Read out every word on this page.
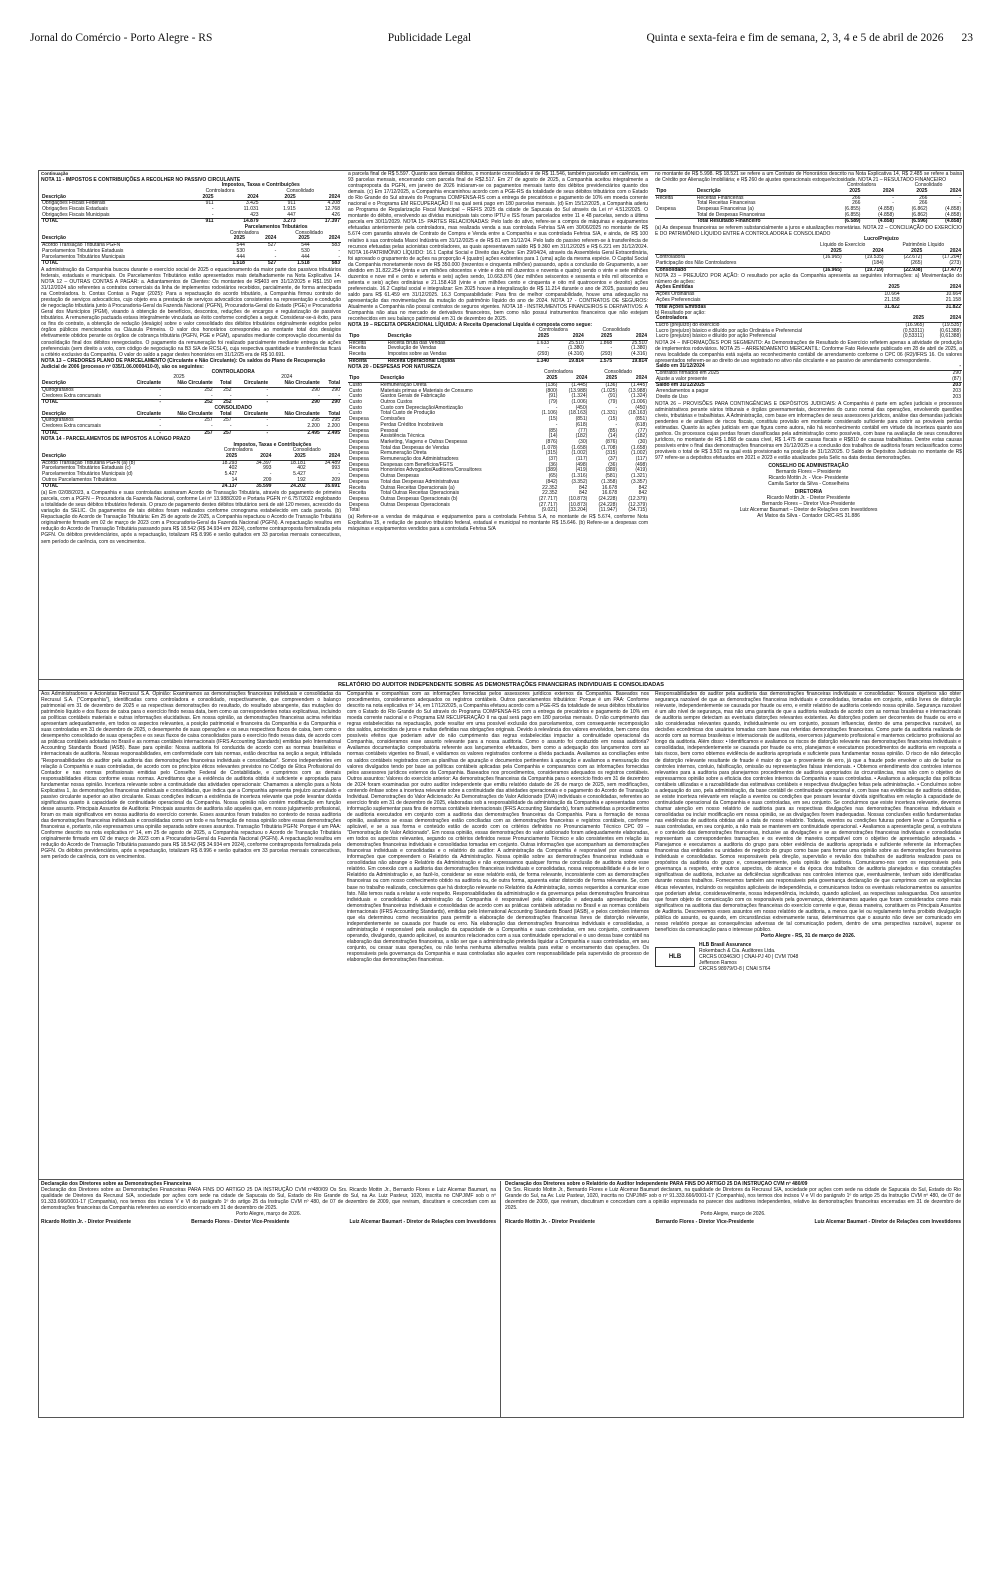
Jornal do Comércio - Porto Alegre - RS	Publicidade Legal	Quinta e sexta-feira e fim de semana, 2, 3, 4 e 5 de abril de 2026 23
Continuação
NOTA 11 - IMPOSTOS E CONTRIBUIÇÕES A RECOLHER NO PASSIVO CIRCULANTE
	Impostos, Taxas e Contribuições			
	Controladora		Consolidado	
Descrição	2025	2024	2025	2024
Obrigações Fiscais Federais	911	3.425	911	4.208
Obrigações Fiscais Estaduais	-	11.031	1.915	12.768
Obrigações Fiscais Municipais	-	423	447	426
TOTAL	911	14.879	3.273	17.397
	Parcelamentos Tributários			
	Controladora		Consolidado	
Descrição	2025	2024	2025	2024
Acordo Transação Tributária PGFN	544	527	544	583
Parcelamentos Tributários Estaduais	530	-	530	-
Parcelamentos Tributários Municipais	444	-	444	-
TOTAL	1.518	527	1.518	583

A administração da Companhia buscou durante o exercício social de 2025 o equacionamento da maior parte dos passivos tributários federais, estaduais e municipais. Os Parcelamentos Tributários estão apresentados mais detalhadamente na Nota Explicativa 14. NOTA 12 – OUTRAS CONTAS A PAGAR: a. Adiantamentos de Clientes: Os montantes de R$403 em 31/12/2025 e R$1.150 em 31/12/2024 são referentes a contratos comerciais da linha de implementos rodoviários recebidos, parcialmente, de forma antecipada na Controladora. b. Contas Contas a Pagar (2025): Para a repactuação do acordo tributário, a Companhia firmou contrato de prestação de serviços advocatícios, cujo objeto era a prestação de serviços advocatícios consistentes na representação e condução de negociação tributária junto à Procuradoria-Geral da Fazenda Nacional (PGFN), Procuradoria-Geral do Estado (PGE) e Procuradoria Geral dos Municípios (PGM), visando à obtenção de benefícios, descontos, reduções de encargos e regularização de passivos tributários. A remuneração pactuada estava integralmente vinculada ao êxito conforme condições a seguir. Considerar-se-á êxito, para os fins do contrato, a obtenção de redução (deságio) sobre o valor consolidado dos débitos tributários originalmente exigidos pelos órgãos públicos mencionados na Cláusula Primeira. O valor dos honorários correspondeu ao montante total dos deságios efetivamente obtidos perante os órgãos de cobrança tributária (PGFN, PGE e PGM), apurados mediante comprovação documental da consolidação final dos débitos renegociados. O pagamento da remuneração foi realizado parcialmente mediante entrega de ações preferenciais (sem direito a voto, com código de negociação na B3 S/A de RCSL4), cuja respectiva quantidade e transferências ficará a critério exclusivo da Companhia. O valor do saldo a pagar destes honorários em 31/12/25 era de R$ 10.691.

NOTA 13 – CREDORES PLANO DE PARCELAMENTO (Circulante e Não Circulante): Os saldos do Plano de Recuperação Judicial de 2006 (processo nº 035/1.06.0000410-0), são os seguintes:
	CONTROLADORA					
	2025			2024		
Descrição	Circulante	Não Circulante	Total	Circulante	Não Circulante	Total
Quirografários	-	252	252	-	290	290
Credores Extra concursais	-	-	-	-	-	-
TOTAL	-	252	252	-	290	290
	CONSOLIDADO					
Descrição	Circulante	Não Circulante	Total	Circulante	Não Circulante	Total
Quirografários	-	257	257	-	295	295
Credores Extra concursais	-	-	-	-	2.200	2.200
TOTAL	-	257	257	-	2.495	2.495
NOTA 14 - PARCELAMENTOS DE IMPOSTOS A LONGO PRAZO
	Impostos, Taxas e Contribuições			
	Controladora		Consolidado	
Descrição	2025	2024	2025	2024
Acordo Transação Tributária PGFN (a) (b)	18.293	34.397	18.181	34.489
Parcelamentos Tributários Estaduais (c)	402	993	402	993
Parcelamentos Tributários Municipais (d)	5.427	-	5.427	-
Outros Parcelamentos Tributários	14	209	192	209
TOTAL	24.137	35.599	24.202	35.691

(a) Em 02/08/2023, a Companhia e suas controladas assinaram Acordo de Transação Tributária, através do pagamento de primeira parcela, com a PGFN – Procuradoria da Fazenda Nacional, conforme Lei nº 13.988/2020 e Portaria PGFN nº 6.757/2022 englobando a totalidade de seus débitos tributários federais. O prazo de pagamento destes débitos tributários será de até 120 meses, acrescido da variação da SELIC. Os pagamentos de tais débitos foram realizados conforme cronograma estabelecido em cada parcela. (b) Repactuação do Acordo de Transação Tributária: Em 25 de agosto de 2025, a Companhia repactuou o Acordo de Transação Tributária originalmente firmado em 02 de março de 2023 com a Procuradoria-Geral da Fazenda Nacional (PGFN). A repactuação resultou em redução do Acordo de Transação Tributária passando para R$ 18.542 (R$ 34.934 em 2024), conforme contraproposta formalizada pela PGFN. Os débitos previdenciários, após a repactuação, totalizam R$ 8.996 e serão quitados em 33 parcelas mensais consecutivas, sem período de carência, com os vencimentos.

a parcela final de R$ 5.597. Quanto aos demais débitos, o montante consolidado é de R$ 11.546, também parcelado em carência, em 93 parcelas mensais, encerrando com parcela final de R$2.517. Em 27 de agosto de 2025, a Companhia aceitou integralmente a contraproposta da PGFN, em janeiro de 2026 iniciaram-se os pagamentos mensais tanto dos débitos previdenciários quanto dos demais. (c) Em 17/12/2025, a Companhia encaminhou acordo com a PGE-RS da totalidade de seus débitos tributários com o Estado do Rio Grande do Sul através do Programa COMPENSA-RS com a entrega de precatórios e pagamento de 10% em moeda corrente nacional e o Programa EM RECUPERAÇÃO II na qual será pago em 180 parcelas mensais. (d) Em 15/12/2025, a Companhia aderiu ao Programa de Regularização Fiscal Municipal – REFIS 2025 da cidade de Sapucaia do Sul através da Lei nº 4.512/2025. O montante do débito, envolvendo as dívidas municipais tais como IPTU e ISS foram parcelados entre 11 e 48 parcelas, sendo a última parcela em 30/11/2029. NOTA 15- PARTES RELACIONADAS: Pelo lado do ativo, refere-se a compra de máquinas e equipamentos efetuadas anteriormente pela controladora, mas realizada venda a sua controlada Fehrisa S/A em 30/06/2025 no montante de R$ 5.674 com garantia através de Contrato de Compra e Venda entre a Companhia e sua controlada Fehrisa S/A, e ainda, de R$ 100 relativo à sua controlada Maxxi Indústria em 31/12/2025 e de R$ 81 em 31/12/24. Pelo lado do passivo referem-se à transferência de recursos efetuadas pelas acionistas controladores, as quais apresentavam saldo R$ 9.360 em 31/12/2025 e R$ 6.221 em 31/12/2024. NOTA 16-PATRIMÔNIO LÍQUIDO: 16.1 Capital Social e Direito das Ações: Em 29/04/24, através da Assembleia Geral Extraordinária, foi aprovado o grupamento de ações na proporção 4 (quatro) ações existentes para 1 (uma) ação da mesma espécie. O Capital Social da Companhia monetamente novo de R$ 350.000 (trezentos e cinquenta milhões) passando, após a conclusão do Grupamento, a ser dividido em 31.822.254 (trinta e um milhões oitocentos e vinte e dois mil duzentos e noventa e quatro) sendo o vinte e sete milhões duzentos e nove mil e cento e setenta e seis) ações sendo, 10.663.876 (dez milhões seiscentos e sessenta e três mil oitocentos e setenta e seis) ações ordinárias e 21.158.418 (vinte e um milhões cento e cinquenta e oito mil quatrocentos e dezoito) ações preferenciais. 16.2 Capital social e integralizar: Em 2025 houve a integralização de R$ 11.214 durante o ano de 2025, passando seu saldo para R$ 61.459 em 31/12/2025. 16.3 Comparabilidade: Para fins de melhor comparabilidade, houve uma adequação na apresentação das movimentações da mutação do patrimônio líquido do ano de 2024. NOTA 17 - CONTRATOS DE SEGUROS: Atualmente a Companhia não possui contratos de seguros vigentes. NOTA 18 - INSTRUMENTOS FINANCEIROS E DERIVATIVOS: A Companhia não atua no mercado de derivativos financeiros, bem como não possui instrumentos financeiros que não estejam reconhecidos em seu balanço patrimonial em 31 de dezembro de 2025.

NOTA 19 – RECEITA OPERACIONAL LÍQUIDA: A Receita Operacional Líquida é composta como segue:
		Controladora		Consolidado	
Tipo	Descrição	2025	2024	2025	2024
Receita	Receita Bruta das Vendas	1.633	25.510	1.868	25.510
Receita	Devolução de Vendas	-	(1.380)	-	(1.380)
Receita	Impostos sobre as Vendas	(293)	(4.316)	(293)	(4.316)
Receita	Receita Operacional Líquida	1.340	19.814	1.575	19.814
NOTA 20 - DESPESAS POR NATUREZA
		Controladora		Consolidado	
Tipo	Descrição	2025	2024	2025	2024
Custo	Remuneração Direta	(136)	(1.445)	(136)	(1.445)
Custo	Materiais primas e Materiais de Consumo	(800)	(13.988)	(1.025)	(13.988)
Custo	Gastos Gerais de Fabricação	(91)	(1.324)	(91)	(1.324)
Custo	Outros Custos	(79)	(1.006)	(79)	(1.006)
Custo	Custo com Depreciação/Amortização	-	(450)	-	(450)
Custo	Total Custo de Produção	(1.106)	(18.163)	(1.331)	(18.163)
Despesa	Comissões	(15)	(851)	(15)	(851)
Despesa	Perdas Créditos Incobráveis	-	(618)	-	(618)
Despesa	Pessoal	(85)	(77)	(85)	(77)
Despesa	Assistência Técnica	(14)	(182)	(14)	(182)
Despesa	Marketing, Viagens e Outras Despesas	(876)	(30)	(876)	(30)
Despesa	Total das Despesas de Vendas	(1.078)	(1.658)	(1.708)	(1.658)
Despesa	Remuneração Direta	(315)	(1.002)	(315)	(1.002)
Despesa	Remuneração dos Administradores	(37)	(117)	(37)	(117)
Despesa	Despesas com Benefícios/FGTS	(36)	(498)	(36)	(498)
Despesa	Honorários Advogados/Auditores/Consultores	(389)	(419)	(389)	(419)
Despesa	Outras Despesas	(65)	(1.316)	(581)	(1.321)
Despesa	Total das Despesas Administrativas	(842)	(3.352)	(1.358)	(3.357)
Receita	Outras Receitas Operacionais (a)	22.352	842	16.678	842
Receita	Total Outras Receitas Operacionais	22.352	842	16.678	842
Despesa	Outras Despesas Operacionais (b)	(27.717)	(10.873)	(24.228)	(12.379)
Despesa	Outras Despesas Operacionais	(27.717)	(10.873)	(24.228)	(12.379)
Total		(9.021)	(33.204)	(11.947)	(34.715)

(a) Refere-se a vendas de máquinas e equipamentos para a controlada Fehrisa S.A, no montante de R$ 5.674, conforme Nota Explicativa 15, e redução de passivo tributário federal, estadual e municipal no montante R$ 15.646. (b) Refere-se a despesas com máquinas e equipamentos vendidos para a controlada Fehrisa S/A

no montante de R$ 5.998. R$ 18.521 se refere a um Contrato de Honorários descrito na Nota Explicativa 14, R$ 2.485 se refere a baixa de Crédito por Alienação Imobiliária; e R$ 260 de ajustes operacionais estoque/ociosidade. NOTA 21 – RESULTADO FINANCEIRO

		Controladora		Consolidado	
Tipo	Descrição	2025	2024	2025	2024
Receita	Receitas Financeiras	266	-	266	-
	Total Receitas Financeiras	266	-	266	-
Despesa	Despesas Financeiras (a)	(6.855)	(4.858)	(6.862)	(4.858)
	Total de Despesas Financeiras	(6.855)	(4.858)	(6.862)	(4.858)
	Total Resultado Financeiro	(6.589)	(4.858)	(6.596)	(4.858)

(a) As despesas financeiras se referem substancialmente a juros e atualizações monetárias. NOTA 22 – CONCILIAÇÃO DO EXERCÍCIO E DO PATRIMÔNIO LÍQUIDO ENTRE A CONTROLADORA E CONSOLIDADO

	Lucro/Prejuízo			
	Líquido do Exercício		Patrimônio Líquido	
	2025	2024	2025	2024
Controladora	(16.965)	(19.535)	(22.672)	(17.204)
Participação dos Não Controladores	-	(184)	(265)	(273)
Consolidado	(16.965)	(19.719)	(22.938)	(17.477)

NOTA 23 – PREJUÍZO POR AÇÃO: O resultado por ação da Companhia apresenta as seguintes informações: a) Movimentação do número de ações:

Ações Emitidas	2025	2024
Ações Ordinárias	10.664	10.664
Ações Preferenciais	21.158	21.158
Total Ações Emitidas	31.822	31.822
b) Resultado por ação:
Controladora	2025	2024
Lucro (prejuízo) do exercício	(16.965)	(19.535)
Lucro (prejuízo) básico e diluído por ação Ordinária e Preferencial	(0,53311)	(0,61388)
Lucro (prejuízo) básico e diluído por ação Preferencial	(0,53311)	(0,61388)

NOTA 24 – INFORMAÇÕES POR SEGMENTO: As Demonstrações de Resultado do Exercício refletem apenas a atividade de produção de implementos rodoviários. NOTA 25 – ARRENDAMENTO MERCANTIL: Conforme Fato Relevante publicado em 28 de abril de 2025, a nova localidade da companhia está sujeita ao reconhecimento contábil de arrendamento conforme o CPC 06 (R2)/IFRS 16. Os valores apresentados referem-se ao direito de uso registrado no ativo não circulante e ao passivo de arrendamento correspondente.

Saldo em 31/12/2024	-
Contratos firmados em 2025	290
Ajuste a valor presente	(87)
Saldo em 31/12/2025	203
Arrendamentos a pagar	203
Direito de Uso	203

NOTA 26 – PROVISÕES PARA CONTINGÊNCIAS E DEPÓSITOS JUDICIAIS: A Companhia é parte em ações judiciais e processos administrativos perante vários tribunais e órgãos governamentais, decorrentes do curso normal das operações, envolvendo questões cíveis, tributárias e trabalhistas. A Administração, com base em informações de seus assessores jurídicos, análise das demandas judiciais pendentes e de análises de riscos fiscais, constituiu provisão em montante considerado suficiente para cobrir as prováveis perdas estimadas. Quanto às ações judiciais em que figura como autora, não há reconhecimento contábil em virtude da incerteza quanto aos ganhos. Os processos cujas perdas foram classificadas pela administração como possíveis, com base na avaliação de seus consultores jurídicos, no montante de R$ 1.868 de causa cível, R$ 1.475 de causas fiscais e R$810 de causas trabalhistas. Dentre estas causas possíveis entre o final das demonstrações financeiras em 31/12/2025 e a conclusão dos trabalhos de auditoria foram reclassificados como prováveis o total de R$ 3.503 na qual está provisionado na posição de 31/12/2025. O Saldo de Depósitos Judiciais no montante de R$ 977 refere-se a depósitos efetuados em 2021 e 2023 e estão atualizados pela Selic na data destas demonstrações.

CONSELHO DE ADMINISTRAÇÃO
Bernardo Flores – Presidente
Ricardo Mottin Jr. - Vice- Presidente
Camila Sartor da Silva - Conselheira
DIRETORIA
Ricardo Mottin Jr. - Diretor Presidente
Bernardo Flores – Diretor Vice-Presidente
Luiz Alcemar Baumart – Diretor de Relações com Investidores
Ari Matos da Silva - Contador CRC-RS 31.886
RELATÓRIO DO AUDITOR INDEPENDENTE SOBRE AS DEMONSTRAÇÕES FINANCEIRAS INDIVIDUAIS E CONSOLIDADAS
Aos Administradores e Acionistas Recrusul S.A. Opinião: Examinamos as demonstrações financeiras individuais e consolidadas da Recrusul S.A. ("Companhia"), identificadas como controladora e consolidado, respectivamente, que compreendem o balanço patrimonial em 31 de dezembro de 2025 e as respectivas demonstrações do resultado, do resultado abrangente, das mutações do patrimônio líquido e dos fluxos de caixa para o exercício findo nessa data, bem como as correspondentes notas explicativas, incluindo as políticas contábeis materiais e outras informações elucidativas. Em nossa opinião, as demonstrações financeiras acima referidas apresentam adequadamente, em todos os aspectos relevantes, a posição patrimonial e financeira da Companhia e da Companhia e suas controladas em 31 de dezembro de 2025, o desempenho de suas operações e os seus respectivos fluxos de caixa, bem como o desempenho consolidado de suas operações e os seus fluxos de caixa consolidados para o exercício findo nessa data, de acordo com as práticas contábeis adotadas no Brasil e as normas contábeis internacionais (IFRS Accounting Standards) emitidas pelo International Accounting Standards Board (IASB). Base para opinião: Nossa auditoria foi conduzida de acordo com as normas brasileiras e internacionais de auditoria. Nossas responsabilidades, em conformidade com tais normas, estão descritas na seção a seguir, intitulada "Responsabilidades do auditor pela auditoria das demonstrações financeiras individuais e consolidadas". Somos independentes em relação à Companhia e suas controladas, de acordo com os princípios éticos relevantes previstos no Código de Ética Profissional do Contador e nas normas profissionais emitidas pelo Conselho Federal de Contabilidade, e cumprimos com as demais responsabilidades éticas conforme essas normas. Acreditamos que a evidência de auditoria obtida é suficiente e apropriada para fundamentar nossa opinião. Incerteza relevante sobre a continuidade das atividades operacionais: Chamamos a atenção para a Nota Explicativa 1, às demonstrações financeiras individuais e consolidadas, que indica que a Companhia apresenta prejuízo acumulado e passivo circulante superior ao ativo circulante. Essas condições indicam a existência de incerteza relevante que pode levantar dúvida significativa quanto à capacidade de continuidade operacional da Companhia. Nossa opinião não contém modificação em função desse assunto. Principais Assuntos de Auditoria: Principais assuntos de auditoria são aqueles que, em nosso julgamento profissional, foram os mais significativos em nossa auditoria do exercício corrente. Esses assuntos foram tratados no contexto de nossa auditoria das demonstrações financeiras individuais e consolidadas como um todo e na formação de nossa opinião sobre essas demonstrações financeiras e, portanto, não expressamos uma opinião separada sobre esses assuntos. Transação Tributária PGFN: Porque é um PAA: Conforme descrito na nota explicativa nº 14, em 25 de agosto de 2025, a Companhia repactuou o Acordo de Transação Tributária originalmente firmado em 02 de março de 2023 com a Procuradoria-Geral da Fazenda Nacional (PGFN). A repactuação resultou em redução do Acordo de Transação Tributária passando para R$ 18.542 (R$ 34.934 em 2024), conforme contraproposta formalizada pela PGFN. Os débitos previdenciários, após a repactuação, totalizam R$ 8.996 e serão quitados em 33 parcelas mensais consecutivas, sem período de carência, com os vencimentos.
Companhia e companhias com as informações fornecidas pelos assessores jurídicos externos da Companhia. Baseados nos procedimentos, consideramos adequados os registros contábeis. Outros parcelamentos tributários: Porque é um PAA: Conforme descrito na nota explicativa nº 14, em 17/12/2025, a Companhia efetuou acordo com a PGE-RS da totalidade de seus débitos tributários com o Estado do Rio Grande do Sul através do Programa COMPENSA-RS com a entrega de precatórios e pagamento de 10% em moeda corrente nacional e o Programa EM RECUPERAÇÃO II na qual será pago em 180 parcelas mensais. O não cumprimento das regras estabelecidas na repactuação, pode resultar em uma possível exclusão dos parcelamentos, com consequente recomposição dos saldos, acréscidos de juros e multas definidas nas obrigações originais. Devido à relevância dos valores envolvidos, bem como dos possíveis efeitos que poderiam advir do não cumprimento das regras estabelecidas impactar a continuidade operacional da Companhia, consideramos esse assunto relevante para a nossa auditoria. Como o assunto foi conduzido em nossa auditoria? Avaliamos documentação comprobatória referente aos lançamentos efetuados, bem como a adequação dos lançamentos com as normas contábeis vigentes no Brasil, e validamos os valores registrados conforme a dívida pactuada. Avaliamos as conciliações entre os saldos contábeis registrados com as planilhas de apuração e documentos pertinentes à apuração e avaliamos a mensuração dos valores divulgados tendo por base as políticas contábeis aplicadas pela Companhia e comparamos com as informações fornecidas pelos assessores jurídicos externos da Companhia. Baseados nos procedimentos, consideramos adequados os registros contábeis. Outros assuntos: Valores do exercício anterior: As demonstrações financeiras da Companhia para o exercício findo em 31 de dezembro de 2024 foram examinadas por outro auditor independente que emitiu relatório datado de 26 de março de 2025, sem modificações, contendo ênfase sobre a incerteza relevante sobre a continuidade das atividades operacionais e o pagamento do Acordo de Transação Individual. Demonstrações do Valor Adicionado: As Demonstrações do Valor Adicionado (DVA) individuais e consolidadas, referentes ao exercício findo em 31 de dezembro de 2025, elaboradas sob a responsabilidade da administração da Companhia e apresentadas como informação suplementar para fins de normas contábeis internacionais (IFRS Accounting Standards), foram submetidas a procedimentos de auditoria executados em conjunto com a auditoria das demonstrações financeiras da Companhia. Para a formação de nossa opinião, avaliamos se essas demonstrações estão conciliadas com as demonstrações financeiras e registros contábeis, conforme aplicável, e se a sua forma e conteúdo estão de acordo com os critérios definidos no Pronunciamento Técnico CPC 09 – "Demonstração do Valor Adicionado". Em nossa opinião, essas demonstrações do valor adicionado foram adequadamente elaboradas, em todos os aspectos relevantes, segundo os critérios definidos nesse Pronunciamento Técnico e são consistentes em relação às demonstrações financeiras individuais e consolidadas tomadas em conjunto. Outras informações que acompanham as demonstrações financeiras individuais e consolidadas e o relatório do auditor: A administração da Companhia é responsável por essas outras informações que compreendem o Relatório da Administração. Nossa opinião sobre as demonstrações financeiras individuais e consolidadas não abrange o Relatório da Administração e não expressamos qualquer forma de conclusão de auditoria sobre esse relatório. Em conexão com a auditoria das demonstrações financeiras individuais e consolidadas, nossa responsabilidade é a de ler o Relatório da Administração e, ao fazê-lo, considerar se esse relatório está, de forma relevante, inconsistente com as demonstrações financeiras ou com nosso conhecimento obtido na auditoria ou, de outra forma, aparenta estar distorcido de forma relevante. Se, com base no trabalho realizado, concluirmos que há distorção relevante no Relatório da Administração, somos requeridos a comunicar esse fato. Não temos nada a relatar a este respeito. Responsabilidades da administração e da governança pelas demonstrações financeiras individuais e consolidadas: A administração da Companhia é responsável pela elaboração e adequada apresentação das demonstrações financeiras individuais e consolidadas de acordo com as práticas contábeis adotadas no Brasil e as normas contábeis internacionais (IFRS Accounting Standards), emitidas pelo International Accounting Standards Board (IASB), e pelos controles internos que ela determinou como necessários para permitir a elaboração de demonstrações financeiras livres de distorção relevante, independentemente se causada por fraude ou erro. Na elaboração das demonstrações financeiras individuais e consolidadas, a administração é responsável pela avaliação da capacidade de a Companhia e suas controladas, em seu conjunto, continuarem operando, divulgando, quando aplicável, os assuntos relacionados com a sua continuidade operacional e o uso dessa base contábil na elaboração das demonstrações financeiras, a não ser que a administração pretenda liquidar a Companhia e suas controladas, em seu conjunto, ou cessar suas operações, ou não tenha nenhuma alternativa realista para evitar o encerramento das operações. Os responsáveis pela governança da Companhia e suas controladas são aqueles com responsabilidade pela supervisão do processo de elaboração das demonstrações financeiras.
Responsabilidades do auditor pela auditoria das demonstrações financeiras individuais e consolidadas: Nossos objetivos são obter segurança razoável de que as demonstrações financeiras individuais e consolidadas, tomadas em conjunto, estão livres de distorção relevante, independentemente se causada por fraude ou erro, e emitir relatório de auditoria contendo nossa opinião. Segurança razoável é um alto nível de segurança, mas não uma garantia de que a auditoria realizada de acordo com as normas brasileiras e internacionais de auditoria sempre detectam as eventuais distorções relevantes existentes. As distorções podem ser decorrentes de fraude ou erro e são consideradas relevantes quando, individualmente ou em conjunto, possam influenciar, dentro de uma perspectiva razoável, as decisões econômicas dos usuários tomadas com base nas referidas demonstrações financeiras. Como parte da auditoria realizada de acordo com as normas brasileiras e internacionais de auditoria, exercemos julgamento profissional e mantemos ceticismo profissional ao longo da auditoria. Além disso: • Identificamos e avaliamos os riscos de distorção relevante nas demonstrações financeiras individuais e consolidadas, independentemente se causada por fraude ou erro, planejamos e executamos procedimentos de auditoria em resposta a tais riscos, bem como obtemos evidência de auditoria apropriada e suficiente para fundamentar nossa opinião. O risco de não detecção de distorção relevante resultante de fraude é maior do que o proveniente de erro, já que a fraude pode envolver o ato de burlar os controles internos, conluio, falsificação, omissão ou representações falsas intencionais. • Obtemos entendimento dos controles internos relevantes para a auditoria para planejarmos procedimentos de auditoria apropriados às circunstâncias, mas não com o objetivo de expressarmos opinião sobre a eficácia dos controles internos da Companhia e suas controladas. • Avaliamos a adequação das políticas contábeis utilizadas e a razoabilidade das estimativas contábeis e respectivas divulgações feitas pela administração. • Concluímos sobre a adequação do uso, pela administração, da base contábil de continuidade operacional e, com base nas evidências de auditoria obtidas, se existe incerteza relevante em relação a eventos ou condições que possam levantar dúvida significativa em relação à capacidade de continuidade operacional da Companhia e suas controladas, em seu conjunto. Se concluirmos que existe incerteza relevante, devemos chamar atenção em nosso relatório de auditoria para as respectivas divulgações nas demonstrações financeiras individuais e consolidadas ou incluir modificação em nossa opinião, se as divulgações forem inadequadas. Nossas conclusões estão fundamentadas nas evidências de auditoria obtidas até a data de nosso relatório. Todavia, eventos ou condições futuras podem levar a Companhia e suas controladas, em seu conjunto, a não mais se manterem em continuidade operacional. • Avaliamos a apresentação geral, a estrutura e o conteúdo das demonstrações financeiras, inclusive as divulgações e se as demonstrações financeiras individuais e consolidadas representam as correspondentes transações e os eventos de maneira compatível com o objetivo de apresentação adequada. • Planejamos e executamos a auditoria do grupo para obter evidência de auditoria apropriada e suficiente referente às informações financeiras das entidades ou unidades de negócio do grupo como base para formar uma opinião sobre as demonstrações financeiras individuais e consolidadas. Somos responsáveis pela direção, supervisão e revisão dos trabalhos de auditoria realizados para os propósitos da auditoria do grupo e, consequentemente, pela opinião de auditoria. Comunicamo-nos com os responsáveis pela governança a respeito, entre outros aspectos, do alcance e da época dos trabalhos de auditoria planejados e das constatações significativas de auditoria, inclusive as deficiências significativas nos controles internos que, eventualmente, tenham sido identificadas durante nossos trabalhos. Fornecemos também aos responsáveis pela governança declaração de que cumprimos com as exigências éticas relevantes, incluindo os requisitos aplicáveis de independência, e comunicamos todos os eventuais relacionamentos ou assuntos que poderiam afetar, consideravelmente, nossa independência, incluindo, quando aplicável, as respectivas salvaguardas. Dos assuntos que foram objeto de comunicação com os responsáveis pela governança, determinamos aqueles que foram considerados como mais significativos na auditoria das demonstrações financeiras do exercício corrente e que, dessa maneira, constituem os Principais Assuntos de Auditoria. Descrevemos esses assuntos em nosso relatório de auditoria, a menos que lei ou regulamento tenha proibido divulgação pública do assunto, ou quando, em circunstâncias extremamente raras, determinarmos que o assunto não deve ser comunicado em nosso relatório porque as consequências adversas de tal comunicação podem, dentro de uma perspectiva razoável, superar os benefícios da comunicação para o interesse público.
Porto Alegre - RS, 31 de março de 2026.
HLB
HLB Brasil Assurance
Rokembach & Cia. Auditores Ltda.
CRCRS 003463/O | CNAI-PJ 40 | CVM 7048
Jefferson Ramos
CRCRS 98979/O-8 | CNAI 5764
Declaração dos Diretores sobre as Demonstrações Financeiras

Declaração dos Diretores sobre as Demonstrações Financeiras PARA FINS DO ARTIGO 25 DA INSTRUÇÃO CVM nº480/09 Os Srs. Ricardo Mottin Jr., Bernardo Flores e Luiz Alcemar Baumart, na qualidade de Diretores da Recrusul S/A, sociedade por ações com sede na cidade de Sapucaia do Sul, Estado do Rio Grande do Sul, na Av. Luiz Pasteur, 1020, inscrita no CNPJ/MF sob o nº 91.333.666/0001-17 (Companhia), nos termos dos incisos V e VI do parágrafo 1º do artigo 25 da Instrução CVM nº 480, de 07 de dezembro de 2009, que reviram, discutiram e concordam com as demonstrações financeiras da Companhia referentes ao exercício encerrado em 31 de dezembro de 2025.

Porto Alegre, março de 2026.
Ricardo Mottin Jr. - Diretor Presidente	Bernardo Flores - Diretor Vice-Presidente	Luiz Alcemar Baumart - Diretor de Relações com Investidores
Declaração dos Diretores sobre o Relatório do Auditor Independente PARA FINS DO ARTIGO 25 DA INSTRUÇÃO CVM nº 480/09

Os Srs. Ricardo Mottin Jr., Bernardo Flores e Luiz Alcemar Baumart declaram, na qualidade de Diretores da Recrusul S/A, sociedade por ações com sede na cidade de Sapucaia do Sul, Estado do Rio Grande do Sul, na Av. Luiz Pasteur, 1020, inscrita no CNPJ/MF sob o nº 91.333.666/0001-17 (Companhia), nos termos dos incisos V e VI do parágrafo 1º do artigo 25 da Instrução CVM nº 480, de 07 de dezembro de 2009, que reviram, discutiram e concordam com a opinião expressada no parecer dos auditores independentes, relativo às demonstrações financeiras encerradas em 31 de dezembro de 2025.

Porto Alegre, março de 2026.
Ricardo Mottin Jr. - Diretor Presidente	Bernardo Flores - Diretor Vice-Presidente	Luiz Alcemar Baumart - Diretor de Relações com Investidores
